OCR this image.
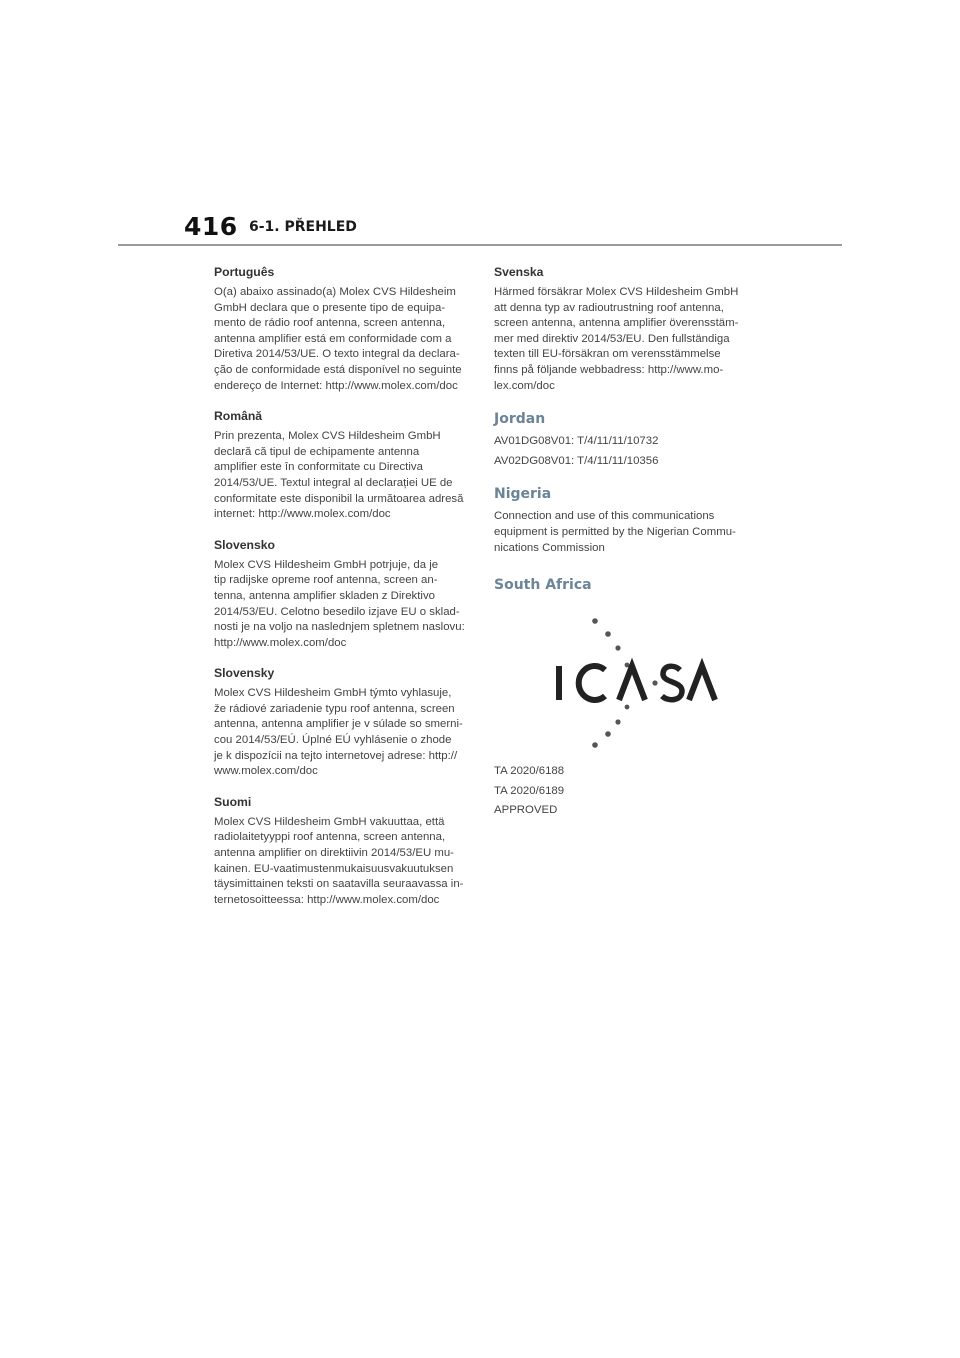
416 6-1. PŘEHLED

Português

O(a) abaixo assinado(a) Molex CVS Hildesheim
GmbH declara que o presente tipo de equipa-
mento de rádio roof antenna, screen antenna,
antenna amplifier está em conformidade com a
Diretiva 2014/53/UE. O texto integral da declara-
ção de conformidade está disponível no seguinte
endereço de Internet: http://www.molex.com/doc

Română

Prin prezenta, Molex CVS Hildesheim GmbH
declară că tipul de echipamente antenna
amplifier este în conformitate cu Directiva
2014/53/UE. Textul integral al declarației UE de
conformitate este disponibil la următoarea adresă
internet: http://www.molex.com/doc

Slovensko

Molex CVS Hildesheim GmbH potrjuje, da je
tip radijske opreme roof antenna, screen an-
tenna, antenna amplifier skladen z Direktivo
2014/53/EU. Celotno besedilo izjave EU o sklad-
nosti je na voljo na naslednjem spletnem naslovu:
http://www.molex.com/doc

Slovensky

Molex CVS Hildesheim GmbH týmto vyhlasuje,
že rádiové zariadenie typu roof antenna, screen
antenna, antenna amplifier je v súlade so smerni-
cou 2014/53/EÚ. Úplné EÚ vyhlásenie o zhode
je k dispozícii na tejto internetovej adrese: http://
www.molex.com/doc

Suomi

Molex CVS Hildesheim GmbH vakuuttaa, että
radiolaitetyyppi roof antenna, screen antenna,
antenna amplifier on direktiivin 2014/53/EU mu-
kainen. EU-vaatimustenmukaisuusvakuutuksen
täysimittainen teksti on saatavilla seuraavassa in-
ternetosoitteessa: http://www.molex.com/doc

Svenska

Härmed försäkrar Molex CVS Hildesheim GmbH
att denna typ av radioutrustning roof antenna,
screen antenna, antenna amplifier överensstäm-
mer med direktiv 2014/53/EU. Den fullständiga
texten till EU-försäkran om verensstämmelse
finns på följande webbadress: http://www.mo-
lex.com/doc

Jordan

AV01DG08V01: T/4/11/11/10732

AV02DG08V01: T/4/11/11/10356

Nigeria

Connection and use of this communications
equipment is permitted by the Nigerian Commu-
nications Commission

South Africa

TA 2020/6188

TA 2020/6189

APPROVED
